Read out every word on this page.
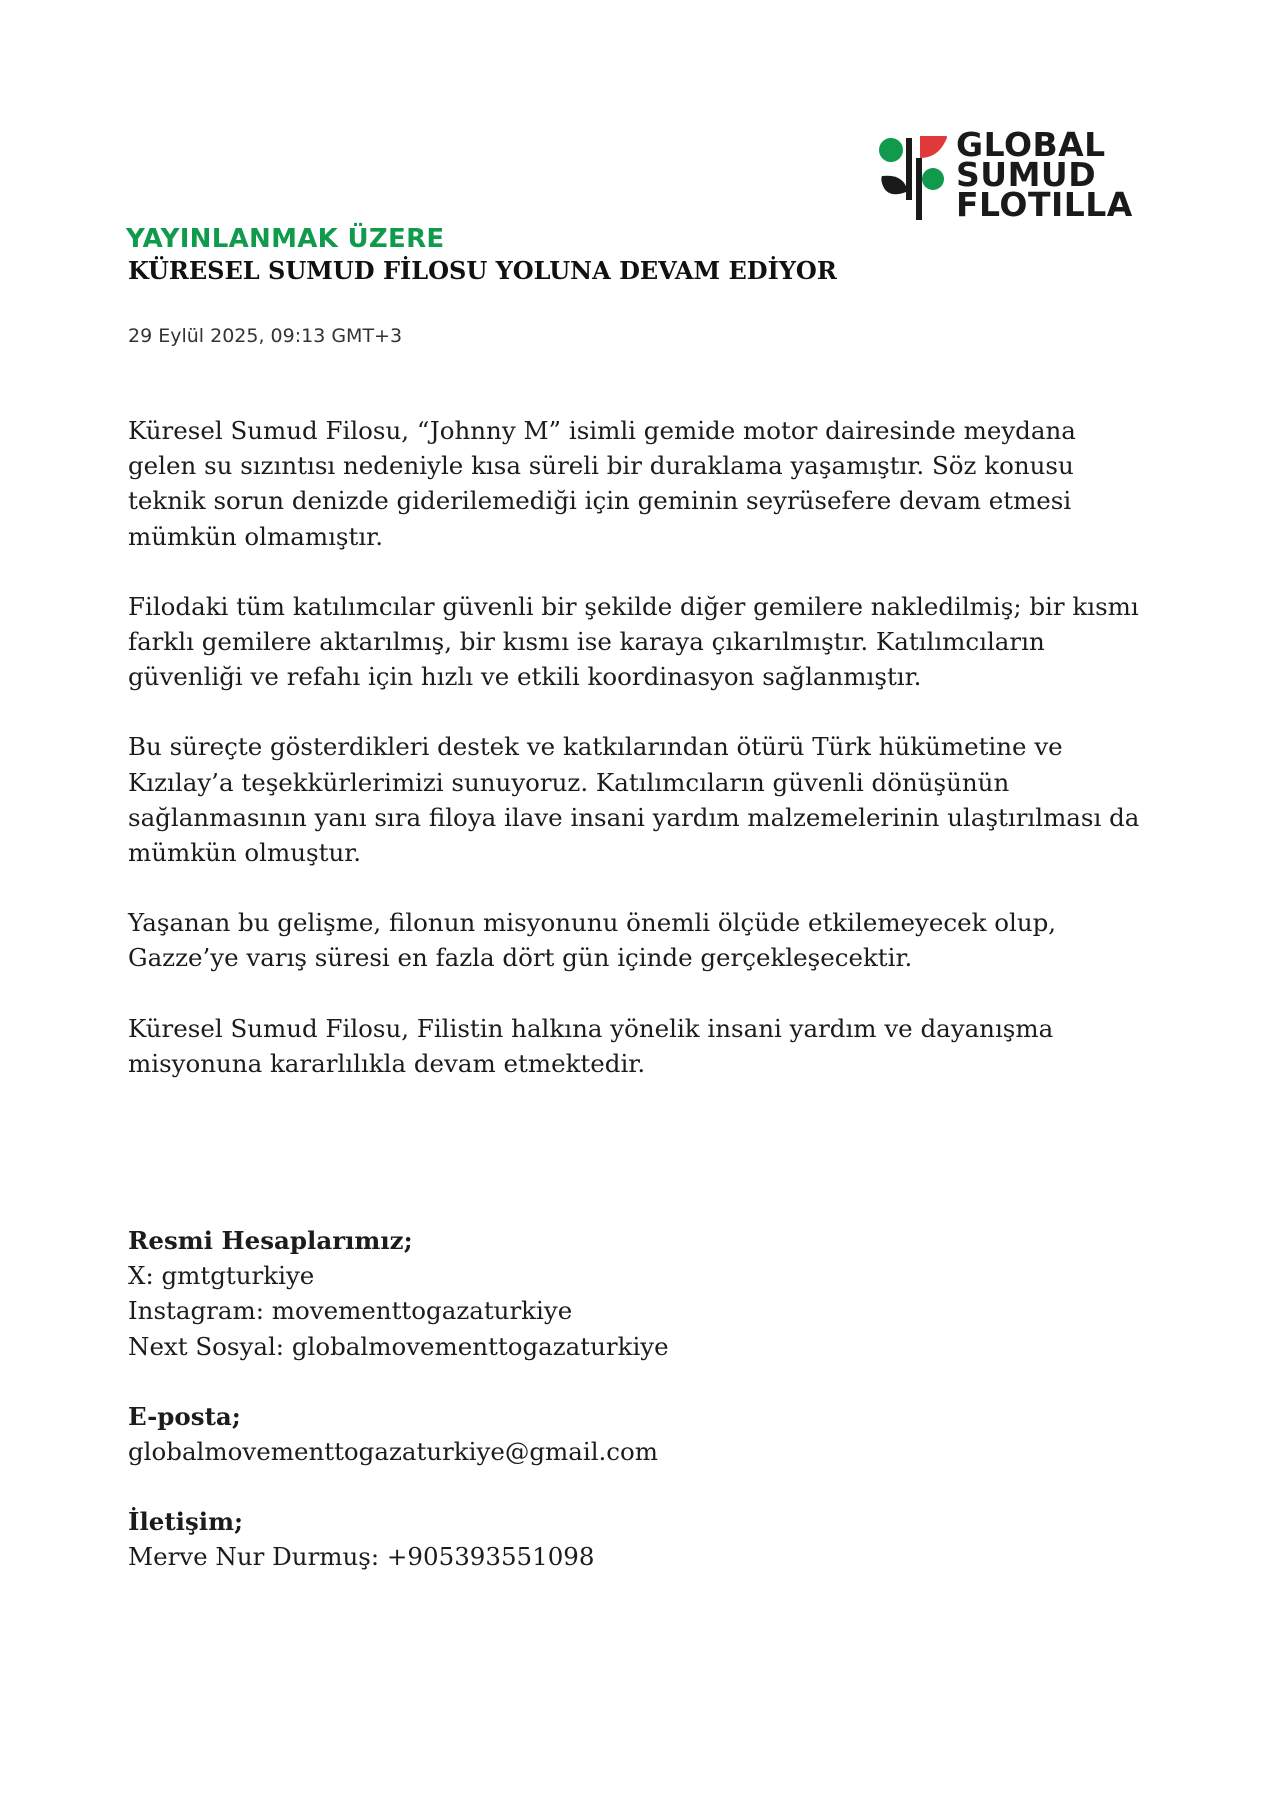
GLOBAL
SUMUD
FLOTILLA
YAYINLANMAK ÜZERE
KÜRESEL SUMUD FİLOSU YOLUNA DEVAM EDİYOR
29 Eylül 2025, 09:13 GMT+3

Küresel Sumud Filosu, “Johnny M” isimli gemide motor dairesinde meydana gelen su sızıntısı nedeniyle kısa süreli bir duraklama yaşamıştır. Söz konusu teknik sorun denizde giderilemediği için geminin seyrüsefere devam etmesi mümkün olmamıştır.

Filodaki tüm katılımcılar güvenli bir şekilde diğer gemilere nakledilmiş; bir kısmı farklı gemilere aktarılmış, bir kısmı ise karaya çıkarılmıştır. Katılımcıların güvenliği ve refahı için hızlı ve etkili koordinasyon sağlanmıştır.

Bu süreçte gösterdikleri destek ve katkılarından ötürü Türk hükümetine ve Kızılay’a teşekkürlerimizi sunuyoruz. Katılımcıların güvenli dönüşünün sağlanmasının yanı sıra filoya ilave insani yardım malzemelerinin ulaştırılması da mümkün olmuştur.

Yaşanan bu gelişme, filonun misyonunu önemli ölçüde etkilemeyecek olup, Gazze’ye varış süresi en fazla dört gün içinde gerçekleşecektir.

Küresel Sumud Filosu, Filistin halkına yönelik insani yardım ve dayanışma misyonuna kararlılıkla devam etmektedir.

Resmi Hesaplarımız;
X: gmtgturkiye
Instagram: movementtogazaturkiye
Next Sosyal: globalmovementtogazaturkiye
E-posta;
globalmovementtogazaturkiye@gmail.com
İletişim;
Merve Nur Durmuş: +905393551098
